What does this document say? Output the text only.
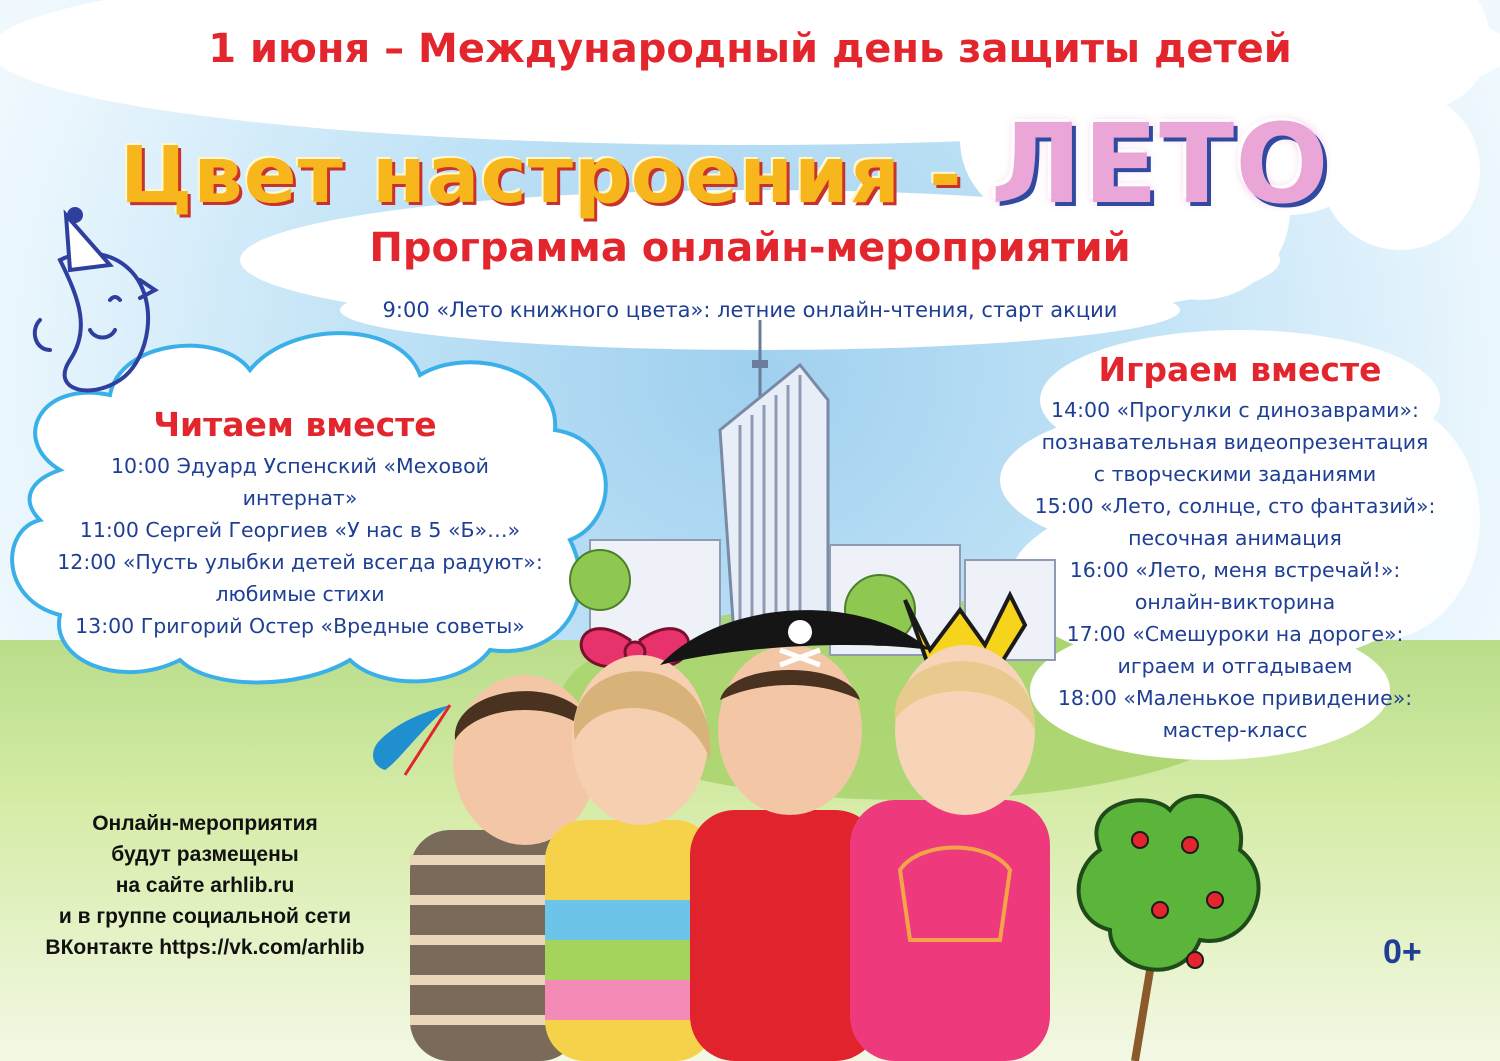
1 июня – Международный день защиты детей
Цвет настроения - ЛЕТО
Программа онлайн-мероприятий
9:00 «Лето книжного цвета»: летние онлайн-чтения, старт акции
Читаем вместе
10:00 Эдуард Успенский «Меховой
интернат»
11:00 Сергей Георгиев «У нас в 5 «Б»…»
12:00 «Пусть улыбки детей всегда радуют»:
любимые стихи
13:00 Григорий Остер «Вредные советы»
Играем вместе
14:00 «Прогулки с динозаврами»:
познавательная видеопрезентация
с творческими заданиями
15:00 «Лето, солнце, сто фантазий»:
песочная анимация
16:00 «Лето, меня встречай!»:
онлайн-викторина
17:00 «Смешуроки на дороге»:
играем и отгадываем
18:00 «Маленькое привидение»:
мастер-класс
Онлайн-мероприятия
будут размещены
на сайте arhlib.ru
и в группе социальной сети
ВКонтакте https://vk.com/arhlib	0+
